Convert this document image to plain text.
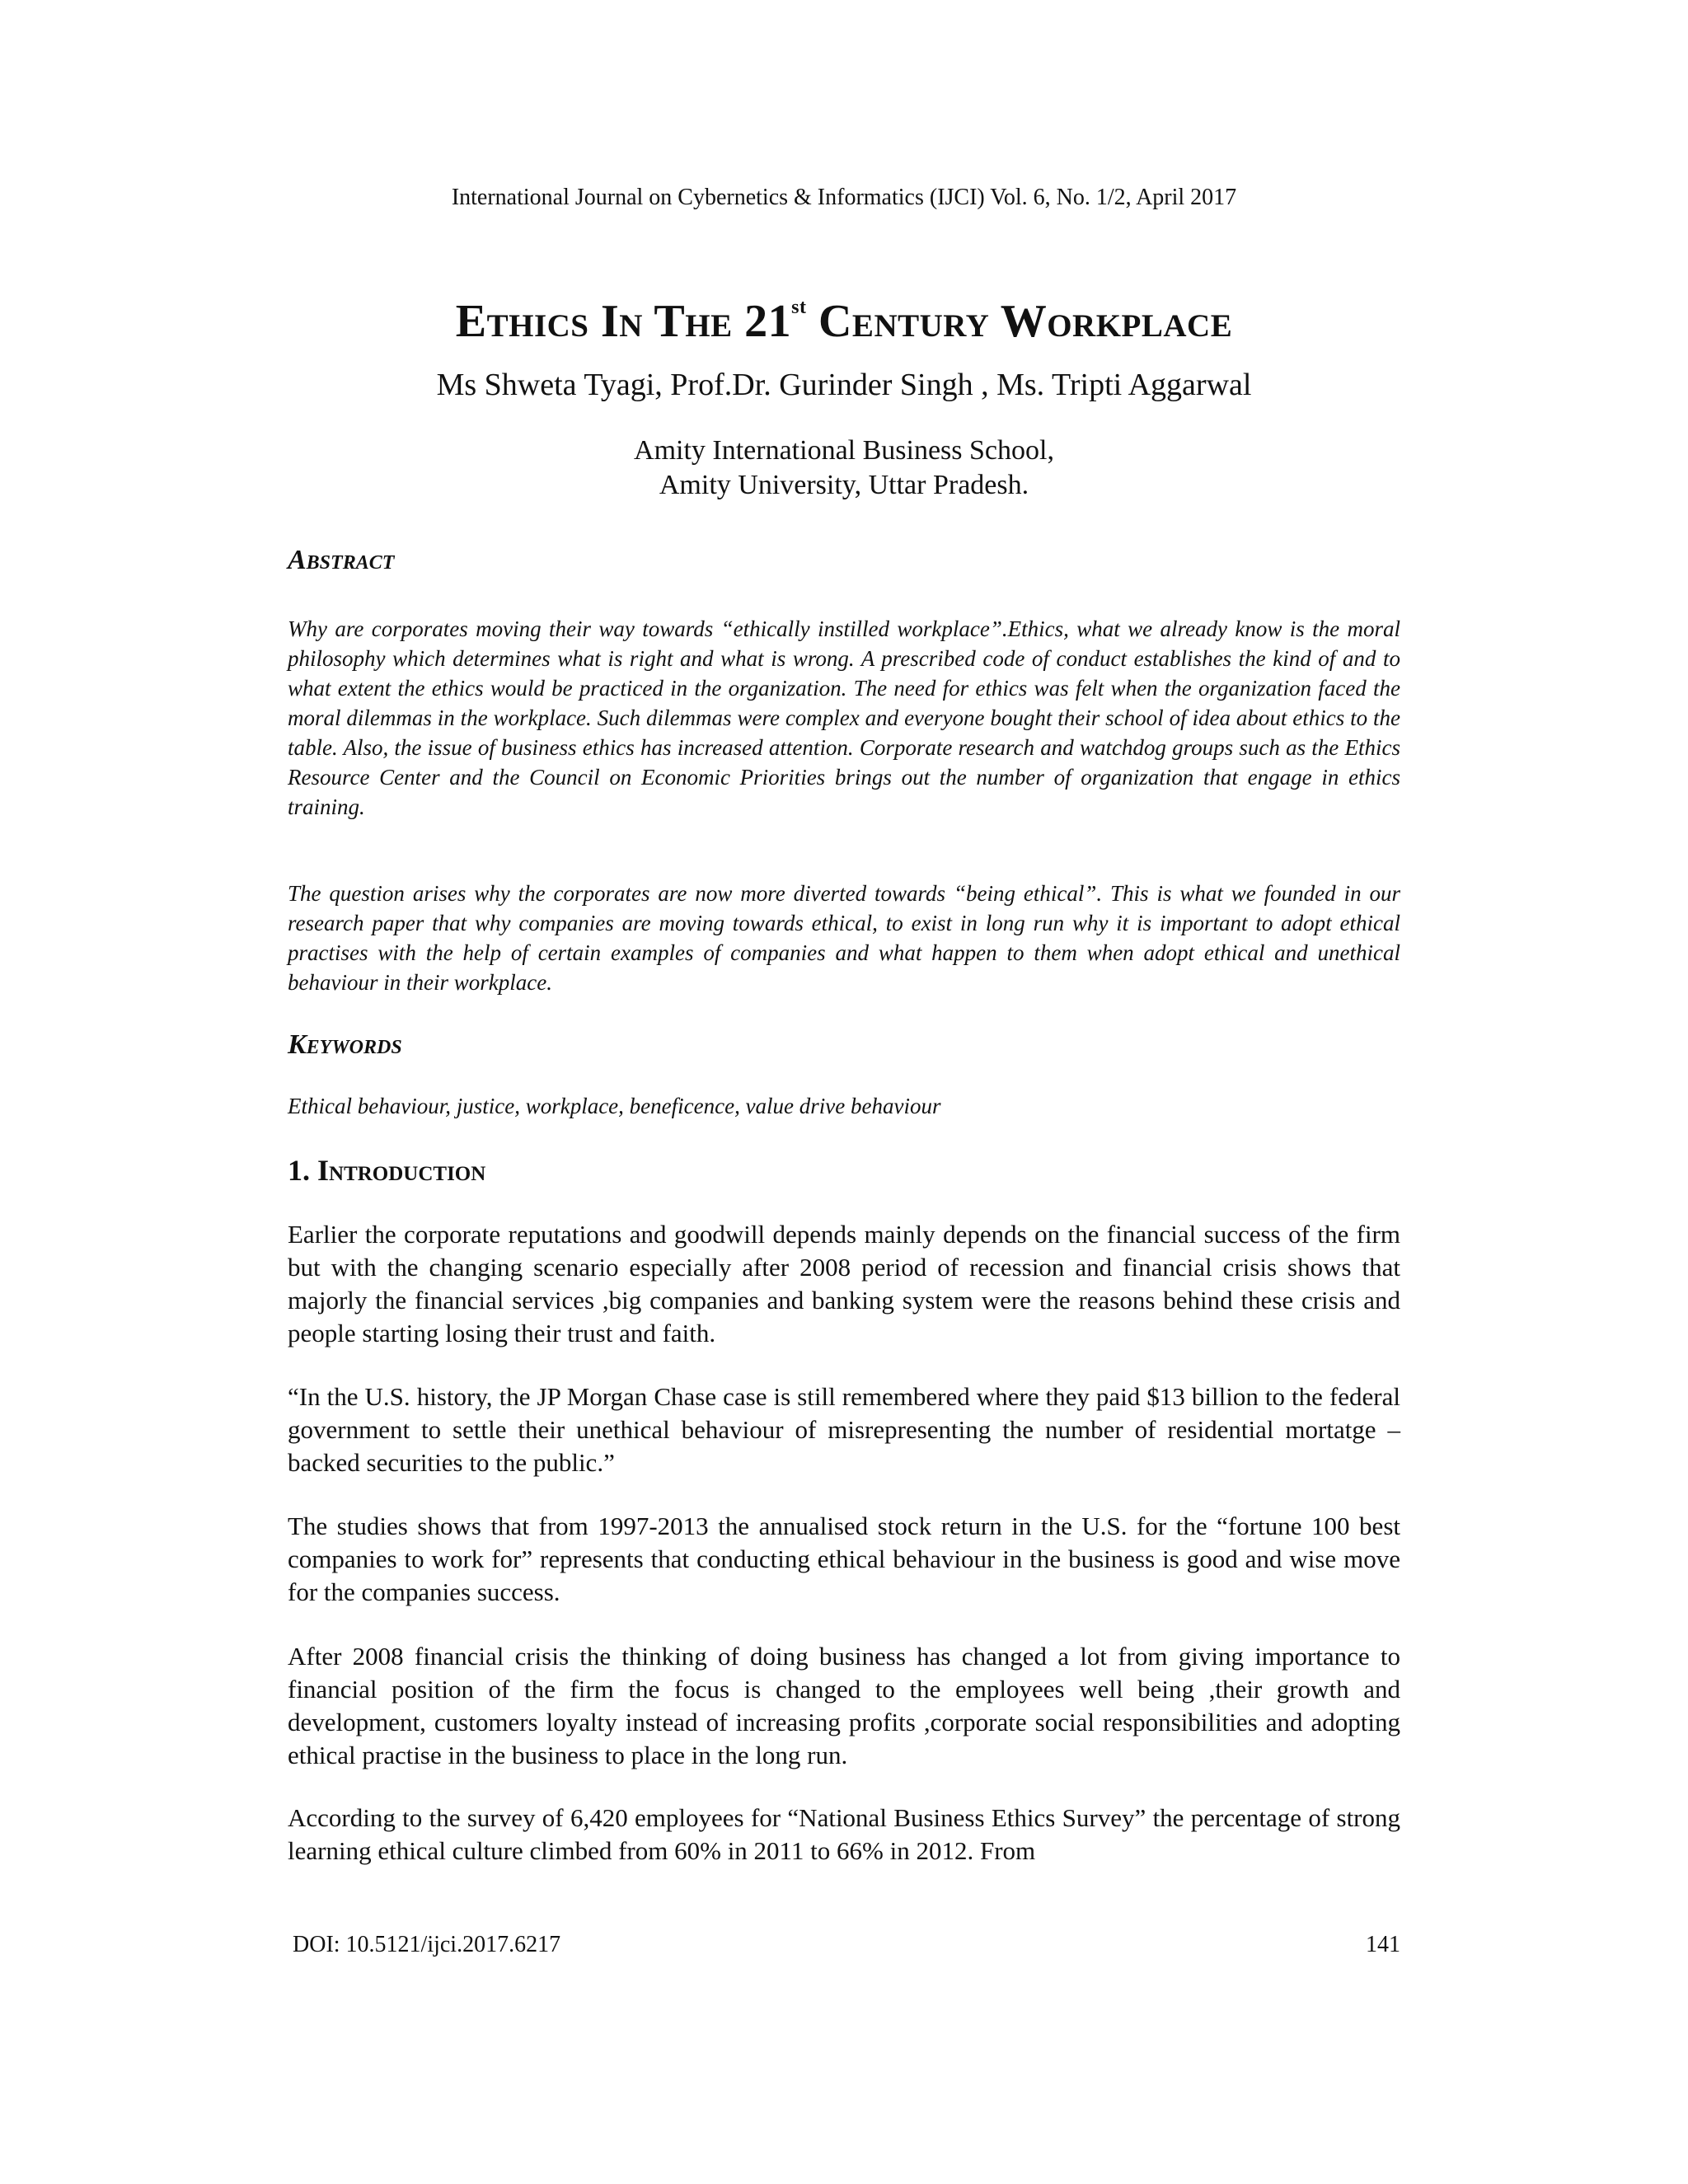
International Journal on Cybernetics & Informatics (IJCI) Vol. 6, No. 1/2, April 2017
Ethics In The 21st Century Workplace
Ms Shweta Tyagi, Prof.Dr. Gurinder Singh , Ms. Tripti Aggarwal
Amity International Business School,
Amity University, Uttar Pradesh.
Abstract

Why are corporates moving their way towards “ethically instilled workplace”.Ethics, what we already know is the moral philosophy which determines what is right and what is wrong. A prescribed code of conduct establishes the kind of and to what extent the ethics would be practiced in the organization. The need for ethics was felt when the organization faced the moral dilemmas in the workplace. Such dilemmas were complex and everyone bought their school of idea about ethics to the table. Also, the issue of business ethics has increased attention. Corporate research and watchdog groups such as the Ethics Resource Center and the Council on Economic Priorities brings out the number of organization that engage in ethics training.

The question arises why the corporates are now more diverted towards “being ethical”. This is what we founded in our research paper that why companies are moving towards ethical, to exist in long run why it is important to adopt ethical practises with the help of certain examples of companies and what happen to them when adopt ethical and unethical behaviour in their workplace.

Keywords

Ethical behaviour, justice, workplace, beneficence, value drive behaviour

1. Introduction

Earlier the corporate reputations and goodwill depends mainly depends on the financial success of the firm but with the changing scenario especially after 2008 period of recession and financial crisis shows that majorly the financial services ,big companies and banking system were the reasons behind these crisis and people starting losing their trust and faith.

“In the U.S. history, the JP Morgan Chase case is still remembered where they paid $13 billion to the federal government to settle their unethical behaviour of misrepresenting the number of residential mortatge – backed securities to the public.”

The studies shows that from 1997-2013 the annualised stock return in the U.S. for the “fortune 100 best companies to work for” represents that conducting ethical behaviour in the business is good and wise move for the companies success.

After 2008 financial crisis the thinking of doing business has changed a lot from giving importance to financial position of the firm the focus is changed to the employees well being ,their growth and development, customers loyalty instead of increasing profits ,corporate social responsibilities and adopting ethical practise in the business to place in the long run.

According to the survey of 6,420 employees for “National Business Ethics Survey” the percentage of strong learning ethical culture climbed from 60% in 2011 to 66% in 2012. From

DOI: 10.5121/ijci.2017.6217	141
